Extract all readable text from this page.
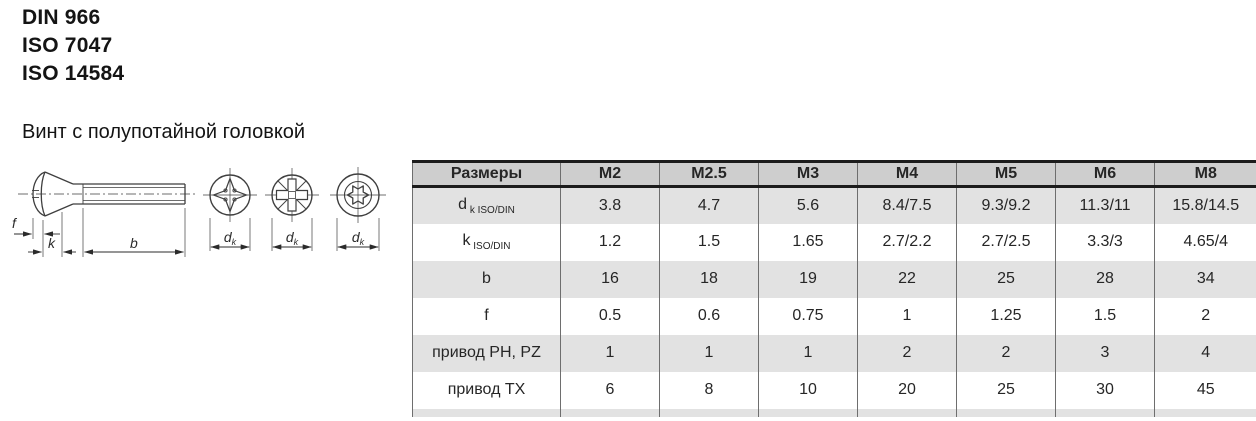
DIN 966
ISO 7047
ISO 14584
Винт с полупотайной головкой
f
k	b	$d_k$	$d_k$	$d_k$
Размеры	M2	M2.5	M3	M4	M5	M6	M8
d $_{k ISO/DIN}$	3.8	4.7	5.6	8.4/7.5	9.3/9.2	11.3/11	15.8/14.5
k $_{ISO/DIN}$	1.2	1.5	1.65	2.7/2.2	2.7/2.5	3.3/3	4.65/4
b	16	18	19	22	25	28	34
f	0.5	0.6	0.75	1	1.25	1.5	2
привод PH, PZ	1	1	1	2	2	3	4
привод TX	6	8	10	20	25	30	45
